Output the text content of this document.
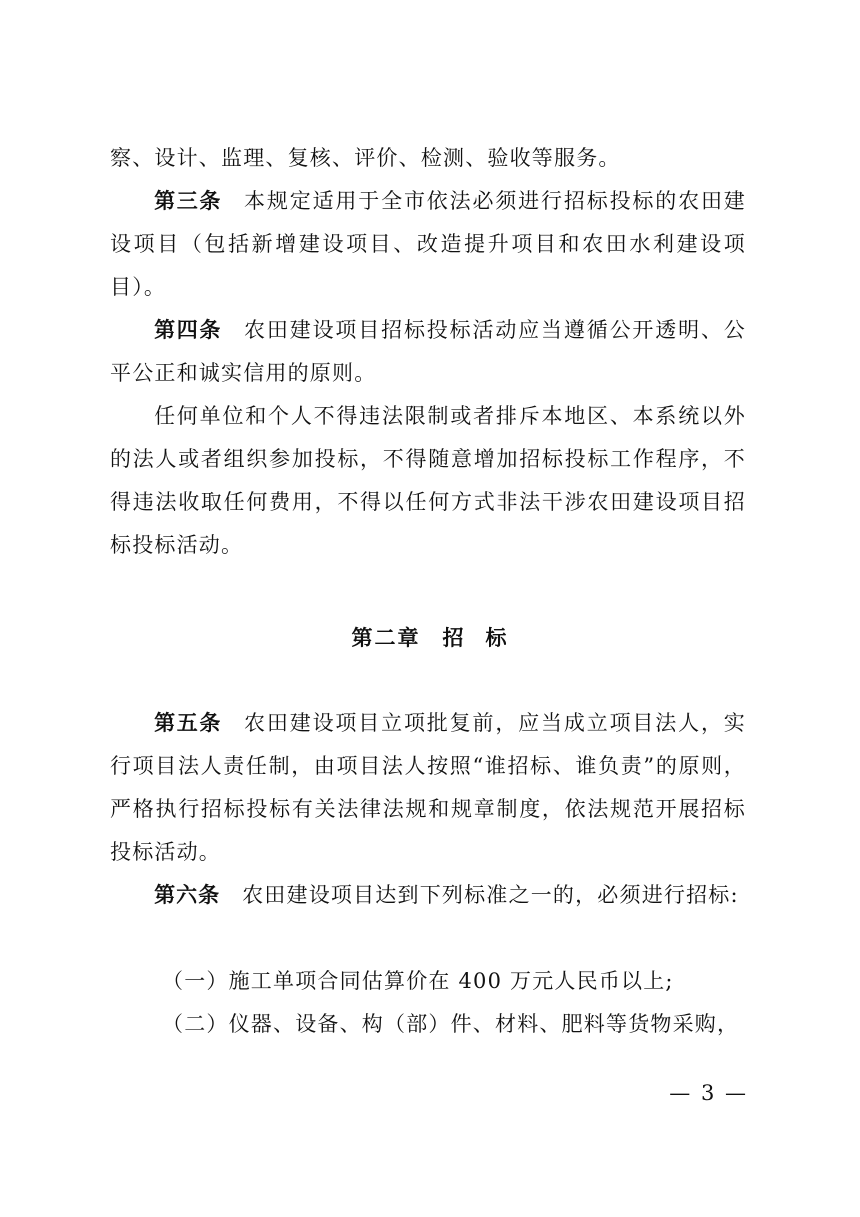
察、设计、监理、复核、评价、检测、验收等服务。

第三条 本规定适用于全市依法必须进行招标投标的农田建设项目（包括新增建设项目、改造提升项目和农田水利建设项目）。

第四条 农田建设项目招标投标活动应当遵循公开透明、公平公正和诚实信用的原则。

任何单位和个人不得违法限制或者排斥本地区、本系统以外的法人或者组织参加投标，不得随意增加招标投标工作程序，不得违法收取任何费用，不得以任何方式非法干涉农田建设项目招标投标活动。

第二章 招 标

第五条 农田建设项目立项批复前，应当成立项目法人，实行项目法人责任制，由项目法人按照“谁招标、谁负责”的原则，严格执行招标投标有关法律法规和规章制度，依法规范开展招标投标活动。

第六条 农田建设项目达到下列标准之一的，必须进行招标:

（一）施工单项合同估算价在 400 万元人民币以上;

（二）仪器、设备、构（部）件、材料、肥料等货物采购，

— 3 —
